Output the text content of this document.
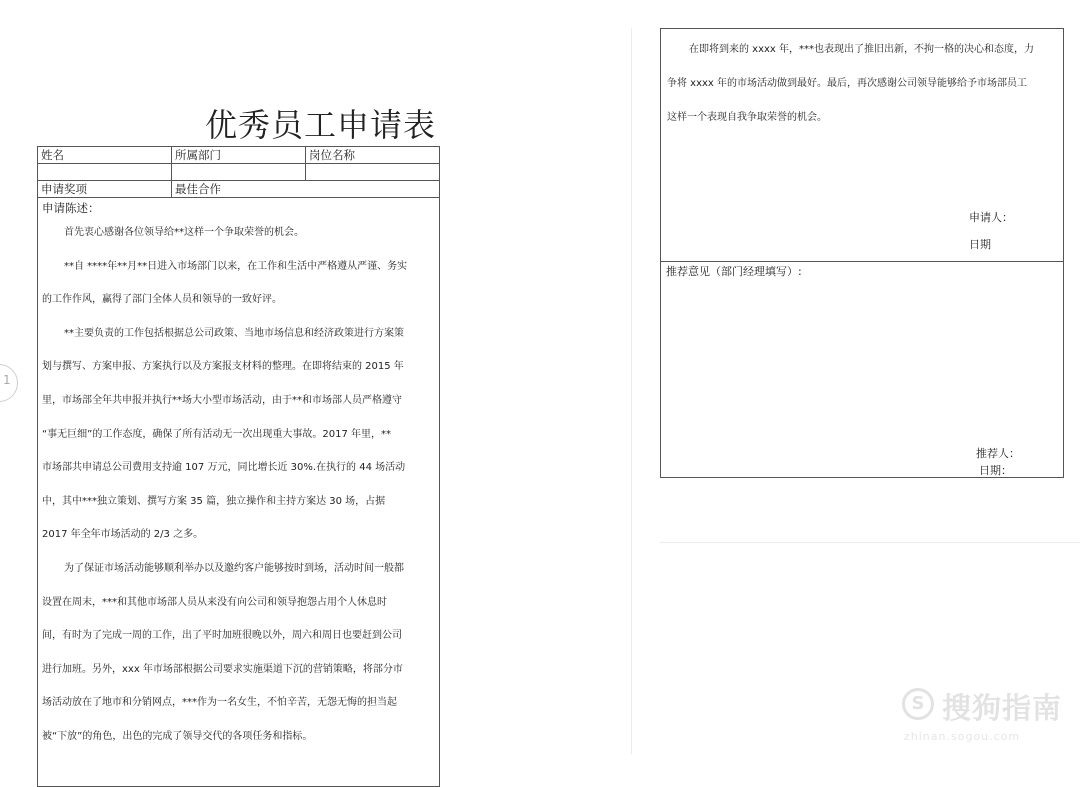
1
优秀员工申请表
姓名	所属部门	岗位名称
申请奖项	最佳合作
申请陈述：
首先衷心感谢各位领导给**这样一个争取荣誉的机会。
**自 ****年**月**日进入市场部门以来，在工作和生活中严格遵从严谨、务实
的工作作风，赢得了部门全体人员和领导的一致好评。
**主要负责的工作包括根据总公司政策、当地市场信息和经济政策进行方案策
划与撰写、方案申报、方案执行以及方案报支材料的整理。在即将结束的 2015 年
里，市场部全年共申报并执行**场大小型市场活动，由于**和市场部人员严格遵守
“事无巨细”的工作态度，确保了所有活动无一次出现重大事故。2017 年里，**
市场部共申请总公司费用支持逾 107 万元，同比增长近 30%.在执行的 44 场活动
中，其中***独立策划、撰写方案 35 篇，独立操作和主持方案达 30 场，占据
2017 年全年市场活动的 2/3 之多。
为了保证市场活动能够顺利举办以及邀约客户能够按时到场，活动时间一般都
设置在周末，***和其他市场部人员从来没有向公司和领导抱怨占用个人休息时
间，有时为了完成一周的工作，出了平时加班很晚以外，周六和周日也要赶到公司
进行加班。另外，xxx 年市场部根据公司要求实施渠道下沉的营销策略，将部分市
场活动放在了地市和分销网点，***作为一名女生，不怕辛苦，无怨无悔的担当起
被“下放”的角色，出色的完成了领导交代的各项任务和指标。
在即将到来的 xxxx 年，***也表现出了推旧出新，不拘一格的决心和态度，力
争将 xxxx 年的市场活动做到最好。最后，再次感谢公司领导能够给予市场部员工
这样一个表现自我争取荣誉的机会。
申请人：
日期
推荐意见（部门经理填写）:
推荐人：
日期：
S 搜狗指南
zhinan.sogou.com
